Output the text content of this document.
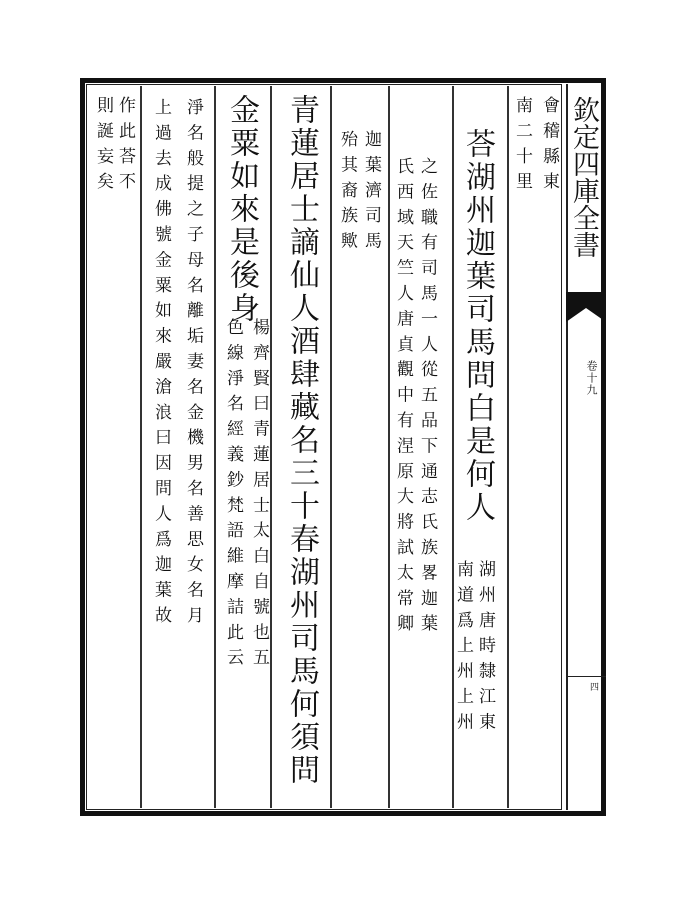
欽定四庫全書
卷十九
四
會稽縣東
南二十里
荅湖州迦葉司馬問白是何人
湖州唐時隸江東
南道爲上州上州
之佐職有司馬一人從五品下通志氏族畧迦葉
氏西域天竺人唐貞觀中有涅原大將試太常卿
迦葉濟司馬
殆其裔族歟
青蓮居士謫仙人酒肆藏名三十春湖州司馬何須問
金粟如來是後身
楊齊賢曰青蓮居士太白自號也五
色線淨名經義鈔梵語維摩詰此云
淨名般提之子母名離垢妻名金機男名善思女名月
上過去成佛號金粟如來嚴滄浪曰因問人爲迦葉故
作此荅不
則誕妄矣
